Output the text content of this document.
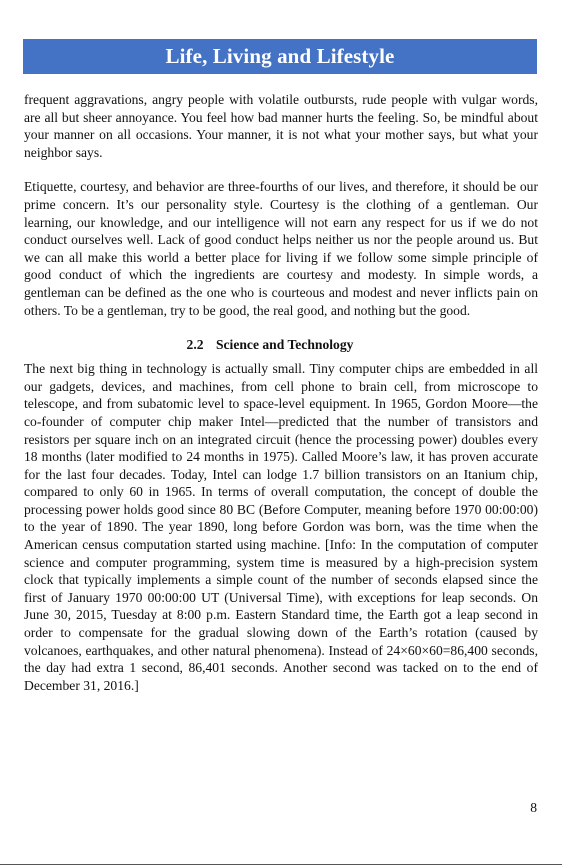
Life, Living and Lifestyle

frequent aggravations, angry people with volatile outbursts, rude people with vulgar words, are all but sheer annoyance. You feel how bad manner hurts the feeling. So, be mindful about your manner on all occasions. Your manner, it is not what your mother says, but what your neighbor says.

Etiquette, courtesy, and behavior are three-fourths of our lives, and therefore, it should be our prime concern. It’s our personality style. Courtesy is the clothing of a gentleman. Our learning, our knowledge, and our intelligence will not earn any respect for us if we do not conduct ourselves well. Lack of good conduct helps neither us nor the people around us. But we can all make this world a better place for living if we follow some simple principle of good conduct of which the ingredients are courtesy and modesty. In simple words, a gentleman can be defined as the one who is courteous and modest and never inflicts pain on others. To be a gentleman, try to be good, the real good, and nothing but the good.

2.2 Science and Technology

The next big thing in technology is actually small. Tiny computer chips are embedded in all our gadgets, devices, and machines, from cell phone to brain cell, from microscope to telescope, and from subatomic level to space-level equipment. In 1965, Gordon Moore—the co-founder of computer chip maker Intel—predicted that the number of transistors and resistors per square inch on an integrated circuit (hence the processing power) doubles every 18 months (later modified to 24 months in 1975). Called Moore’s law, it has proven accurate for the last four decades. Today, Intel can lodge 1.7 billion transistors on an Itanium chip, compared to only 60 in 1965. In terms of overall computation, the concept of double the processing power holds good since 80 BC (Before Computer, meaning before 1970 00:00:00) to the year of 1890. The year 1890, long before Gordon was born, was the time when the American census computation started using machine. [Info: In the computation of computer science and computer programming, system time is measured by a high-precision system clock that typically implements a simple count of the number of seconds elapsed since the first of January 1970 00:00:00 UT (Universal Time), with exceptions for leap seconds. On June 30, 2015, Tuesday at 8:00 p.m. Eastern Standard time, the Earth got a leap second in order to compensate for the gradual slowing down of the Earth’s rotation (caused by volcanoes, earthquakes, and other natural phenomena). Instead of 24×60×60=86,400 seconds, the day had extra 1 second, 86,401 seconds. Another second was tacked on to the end of December 31, 2016.]

8
